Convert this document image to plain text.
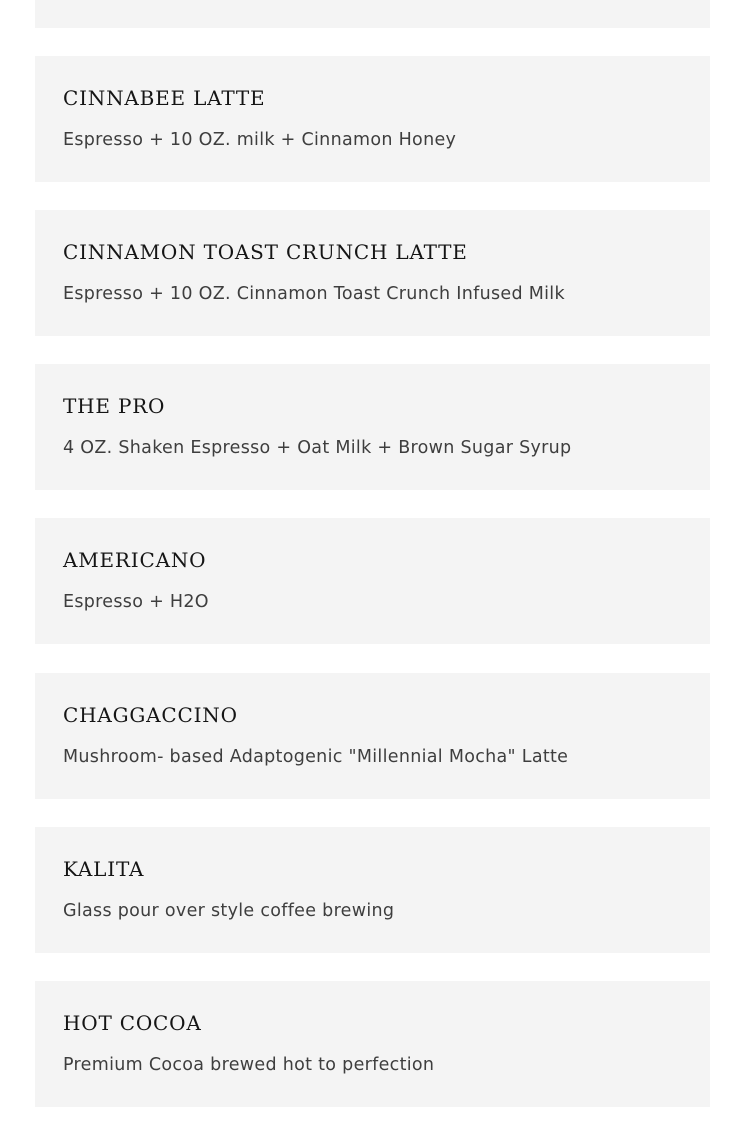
CINNABEE LATTE

Espresso + 10 OZ. milk + Cinnamon Honey

CINNAMON TOAST CRUNCH LATTE

Espresso + 10 OZ. Cinnamon Toast Crunch Infused Milk

THE PRO

4 OZ. Shaken Espresso + Oat Milk + Brown Sugar Syrup

AMERICANO

Espresso + H2O

CHAGGACCINO

Mushroom- based Adaptogenic "Millennial Mocha" Latte

KALITA

Glass pour over style coffee brewing

HOT COCOA

Premium Cocoa brewed hot to perfection
